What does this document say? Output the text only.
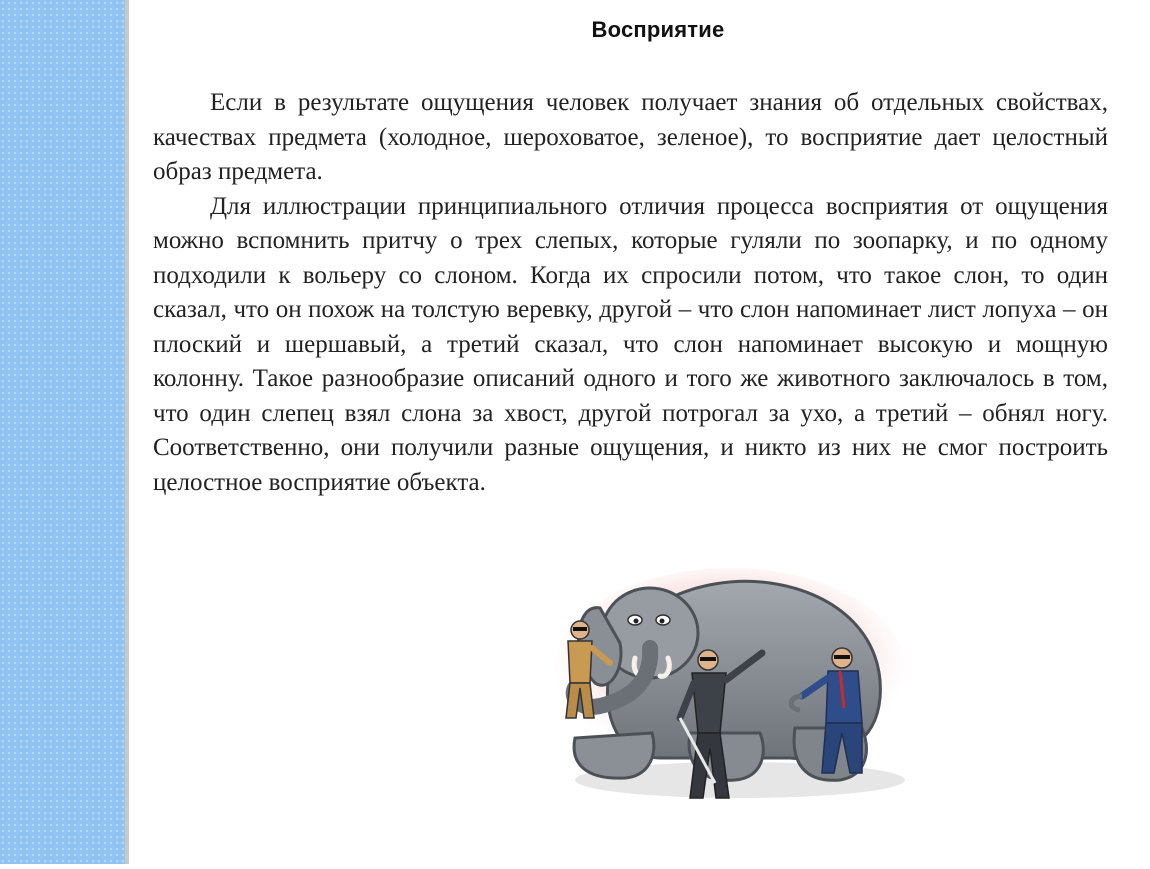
Восприятие

Если в результате ощущения человек получает знания об отдельных свойствах, качествах предмета (холодное, шероховатое, зеленое), то восприятие дает целостный образ предмета.

Для иллюстрации принципиального отличия процесса восприятия от ощущения можно вспомнить притчу о трех слепых, которые гуляли по зоопарку, и по одному подходили к вольеру со слоном. Когда их спросили потом, что такое слон, то один сказал, что он похож на толстую веревку, другой – что слон напоминает лист лопуха – он плоский и шершавый, а третий сказал, что слон напоминает высокую и мощную колонну. Такое разнообразие описаний одного и того же животного заключалось в том, что один слепец взял слона за хвост, другой потрогал за ухо, а третий – обнял ногу. Соответственно, они получили разные ощущения, и никто из них не смог построить целостное восприятие объекта.
